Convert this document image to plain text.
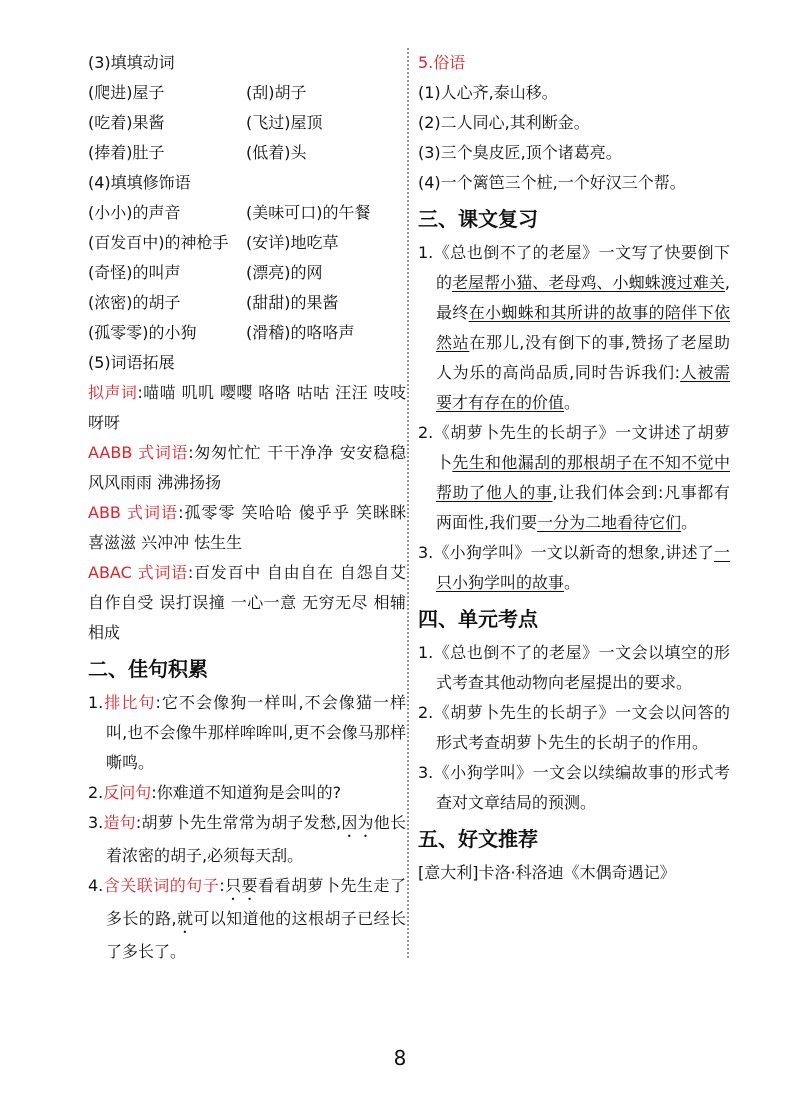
(3)填填动词
(爬进)屋子	(刮)胡子
(吃着)果酱	(飞过)屋顶
(捧着)肚子	(低着)头
(4)填填修饰语
(小小)的声音	(美味可口)的午餐
(百发百中)的神枪手	(安详)地吃草
(奇怪)的叫声	(漂亮)的网
(浓密)的胡子	(甜甜)的果酱
(孤零零)的小狗	(滑稽)的咯咯声
(5)词语拓展
拟声词:喵喵 叽叽 嘤嘤 咯咯 咕咕 汪汪 吱吱呀呀
AABB 式词语:匆匆忙忙 干干净净 安安稳稳 风风雨雨 沸沸扬扬
ABB 式词语:孤零零 笑哈哈 傻乎乎 笑眯眯 喜滋滋 兴冲冲 怯生生
ABAC 式词语:百发百中 自由自在 自怨自艾 自作自受 误打误撞 一心一意 无穷无尽 相辅相成
二、佳句积累
1.排比句:它不会像狗一样叫,不会像猫一样叫,也不会像牛那样哞哞叫,更不会像马那样嘶鸣。
2.反问句:你难道不知道狗是会叫的?
3.造句:胡萝卜先生常常为胡子发愁,因为他长着浓密的胡子,必须每天刮。
4.含关联词的句子:只要看看胡萝卜先生走了多长的路,就可以知道他的这根胡子已经长了多长了。
5.俗语
(1)人心齐,泰山移。
(2)二人同心,其利断金。
(3)三个臭皮匠,顶个诸葛亮。
(4)一个篱笆三个桩,一个好汉三个帮。
三、课文复习
1.《总也倒不了的老屋》一文写了快要倒下的老屋帮小猫、老母鸡、小蜘蛛渡过难关,最终在小蜘蛛和其所讲的故事的陪伴下依然站在那儿,没有倒下的事,赞扬了老屋助人为乐的高尚品质,同时告诉我们:人被需要才有存在的价值。
2.《胡萝卜先生的长胡子》一文讲述了胡萝卜先生和他漏刮的那根胡子在不知不觉中帮助了他人的事,让我们体会到:凡事都有两面性,我们要一分为二地看待它们。
3.《小狗学叫》一文以新奇的想象,讲述了一只小狗学叫的故事。
四、单元考点
1.《总也倒不了的老屋》一文会以填空的形式考查其他动物向老屋提出的要求。
2.《胡萝卜先生的长胡子》一文会以问答的形式考查胡萝卜先生的长胡子的作用。
3.《小狗学叫》一文会以续编故事的形式考查对文章结局的预测。
五、好文推荐
[意大利]卡洛·科洛迪《木偶奇遇记》
8
